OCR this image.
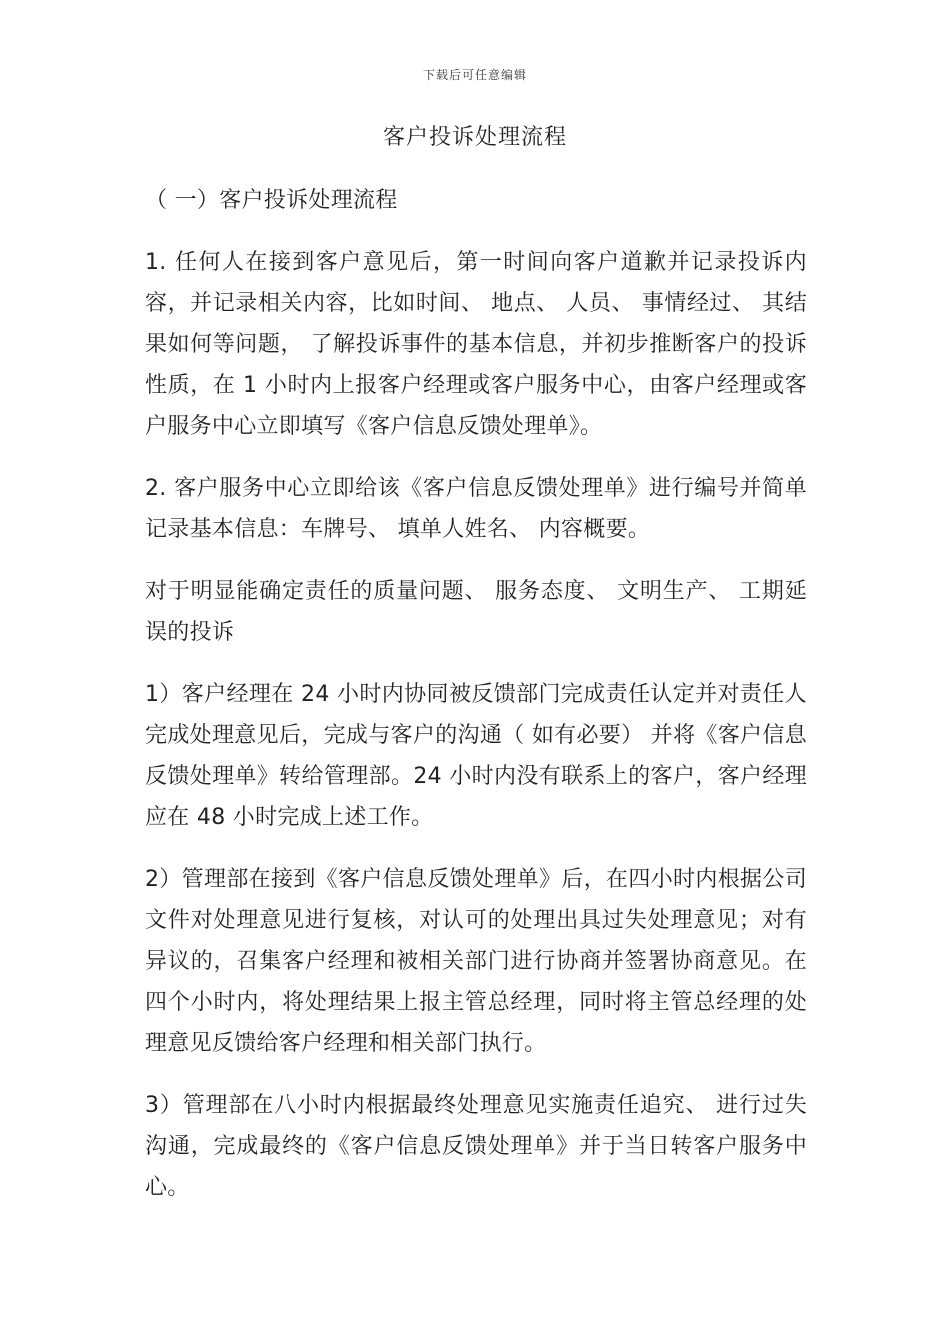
下载后可任意编辑
客户投诉处理流程

（ 一）客户投诉处理流程

1. 任何人在接到客户意见后，第一时间向客户道歉并记录投诉内容，并记录相关内容，比如时间、 地点、 人员、 事情经过、 其结果如何等问题， 了解投诉事件的基本信息，并初步推断客户的投诉性质，在 1 小时内上报客户经理或客户服务中心，由客户经理或客户服务中心立即填写《客户信息反馈处理单》。

2. 客户服务中心立即给该《客户信息反馈处理单》进行编号并简单记录基本信息：车牌号、 填单人姓名、 内容概要。

对于明显能确定责任的质量问题、 服务态度、 文明生产、 工期延误的投诉

1）客户经理在 24 小时内协同被反馈部门完成责任认定并对责任人完成处理意见后，完成与客户的沟通（ 如有必要） 并将《客户信息反馈处理单》转给管理部。24 小时内没有联系上的客户，客户经理应在 48 小时完成上述工作。

2）管理部在接到《客户信息反馈处理单》后，在四小时内根据公司文件对处理意见进行复核，对认可的处理出具过失处理意见；对有异议的，召集客户经理和被相关部门进行协商并签署协商意见。在四个小时内，将处理结果上报主管总经理，同时将主管总经理的处理意见反馈给客户经理和相关部门执行。

3）管理部在八小时内根据最终处理意见实施责任追究、 进行过失沟通，完成最终的《客户信息反馈处理单》并于当日转客户服务中心。
